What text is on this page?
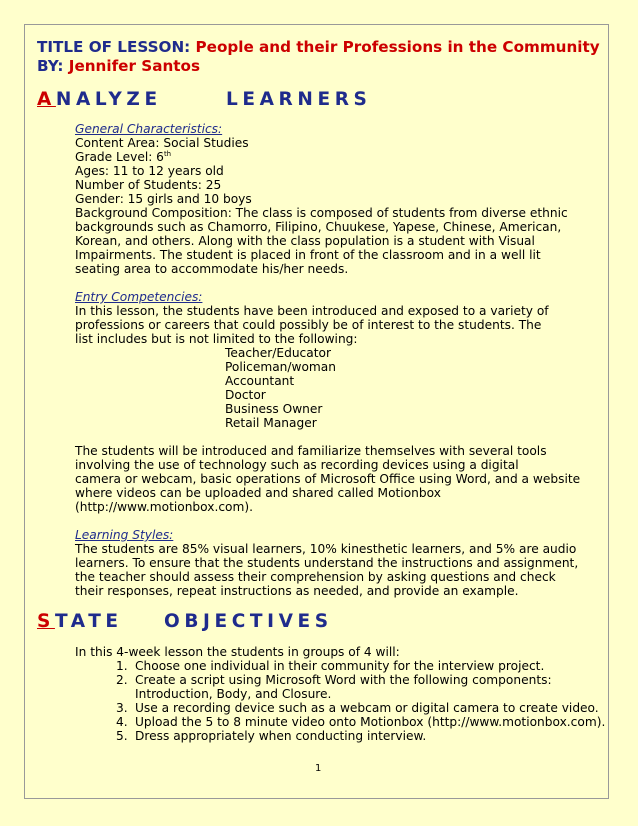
TITLE OF LESSON: People and their Professions in the Community
BY: Jennifer Santos
ANALYZE	LEARNERS
General Characteristics:
Content Area: Social Studies
Grade Level: 6th
Ages: 11 to 12 years old
Number of Students: 25
Gender: 15 girls and 10 boys
Background Composition: The class is composed of students from diverse ethnic
backgrounds such as Chamorro, Filipino, Chuukese, Yapese, Chinese, American,
Korean, and others. Along with the class population is a student with Visual
Impairments. The student is placed in front of the classroom and in a well lit
seating area to accommodate his/her needs.
Entry Competencies:
In this lesson, the students have been introduced and exposed to a variety of
professions or careers that could possibly be of interest to the students. The
list includes but is not limited to the following:
Teacher/Educator
Policeman/woman
Accountant
Doctor
Business Owner
Retail Manager
The students will be introduced and familiarize themselves with several tools
involving the use of technology such as recording devices using a digital
camera or webcam, basic operations of Microsoft Office using Word, and a website
where videos can be uploaded and shared called Motionbox
(http://www.motionbox.com).
Learning Styles:
The students are 85% visual learners, 10% kinesthetic learners, and 5% are audio
learners. To ensure that the students understand the instructions and assignment,
the teacher should assess their comprehension by asking questions and check
their responses, repeat instructions as needed, and provide an example.
STATE OBJECTIVES
In this 4-week lesson the students in groups of 4 will:
1. Choose one individual in their community for the interview project.
2. Create a script using Microsoft Word with the following components:
Introduction, Body, and Closure.
3. Use a recording device such as a webcam or digital camera to create video.
4. Upload the 5 to 8 minute video onto Motionbox (http://www.motionbox.com).
5. Dress appropriately when conducting interview.
1
